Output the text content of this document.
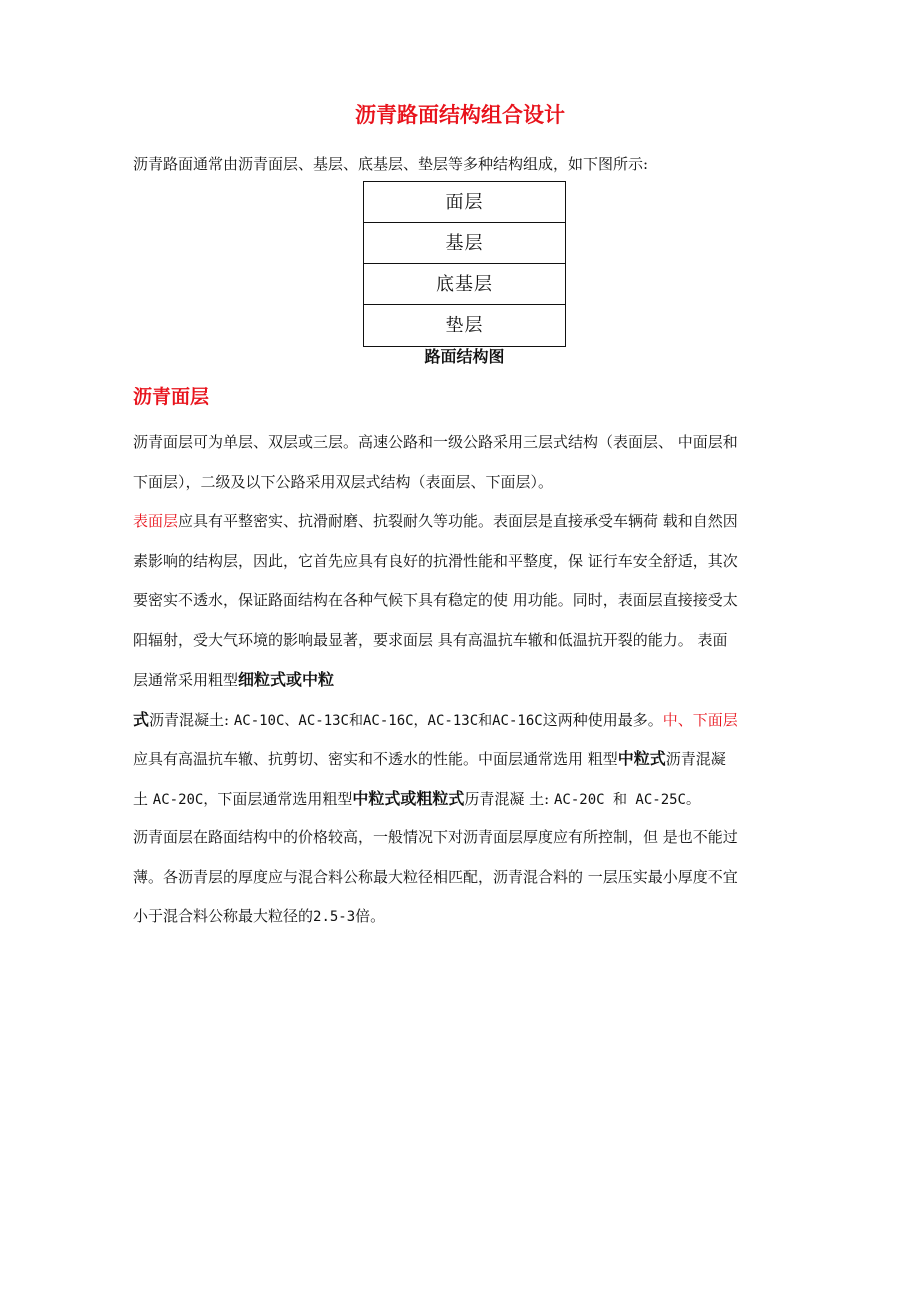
沥青路面结构组合设计
沥青路面通常由沥青面层、基层、底基层、垫层等多种结构组成，如下图所示:
面层
基层
底基层
垫层
路面结构图
沥青面层
沥青面层可为单层、双层或三层。高速公路和一级公路采用三层式结构（表面层、 中面层和
下面层），二级及以下公路采用双层式结构（表面层、下面层）。
表面层应具有平整密实、抗滑耐磨、抗裂耐久等功能。表面层是直接承受车辆荷 载和自然因
素影响的结构层，因此，它首先应具有良好的抗滑性能和平整度，保 证行车安全舒适，其次
要密实不透水，保证路面结构在各种气候下具有稳定的使 用功能。同时，表面层直接接受太
阳辐射，受大气环境的影响最显著，要求面层 具有高温抗车辙和低温抗开裂的能力。 表面
层通常采用粗型细粒式或中粒
式沥青混凝土: AC-10C、AC-13C和AC-16C，AC-13C和AC-16C这两种使用最多。中、下面层
应具有高温抗车辙、抗剪切、密实和不透水的性能。中面层通常选用 粗型中粒式沥青混凝
土 AC-20C，下面层通常选用粗型中粒式或粗粒式历青混凝 土: AC-20C 和 AC-25C。
沥青面层在路面结构中的价格较高，一般情况下对沥青面层厚度应有所控制，但 是也不能过
薄。各沥青层的厚度应与混合料公称最大粒径相匹配，沥青混合料的 一层压实最小厚度不宜
小于混合料公称最大粒径的2.5-3倍。
